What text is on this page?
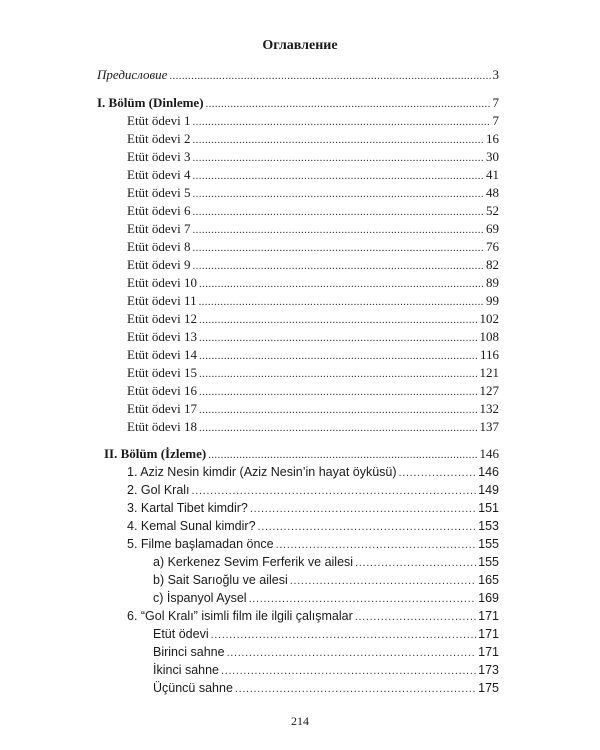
Оглавление
Предисловие . . .	3
I. Bölüm (Dinleme) . . .	7
Etüt ödevi 1 . . .	7
Etüt ödevi 2 . . .	16
Etüt ödevi 3 . . .	30
Etüt ödevi 4 . . .	41
Etüt ödevi 5 . . .	48
Etüt ödevi 6 . . .	52
Etüt ödevi 7 . . .	69
Etüt ödevi 8 . . .	76
Etüt ödevi 9 . . .	82
Etüt ödevi 10 . . .	89
Etüt ödevi 11 . . .	99
Etüt ödevi 12 . . .	102
Etüt ödevi 13 . . .	108
Etüt ödevi 14 . . .	116
Etüt ödevi 15 . . .	121
Etüt ödevi 16 . . .	127
Etüt ödevi 17 . . .	132
Etüt ödevi 18 . . .	137
II. Bölüm (İzleme) . . .	146
1. Aziz Nesin kimdir (Aziz Nesin’in hayat öyküsü) . . .	146
2. Gol Kralı . . .	149
3. Kartal Tibet kimdir? . . .	151
4. Kemal Sunal kimdir? . . .	153
5. Filme başlamadan önce . . .	155
a) Kerkenez Sevim Ferferik ve ailesi . . .	155
b) Sait Sarıoğlu ve ailesi . . .	165
c) İspanyol Aysel . . .	169
6. “Gol Kralı” isimli film ile ilgili çalışmalar . . .	171
Etüt ödevi . . .	171
Birinci sahne . . .	171
İkinci sahne . . .	173
Üçüncü sahne . . .	175
214
